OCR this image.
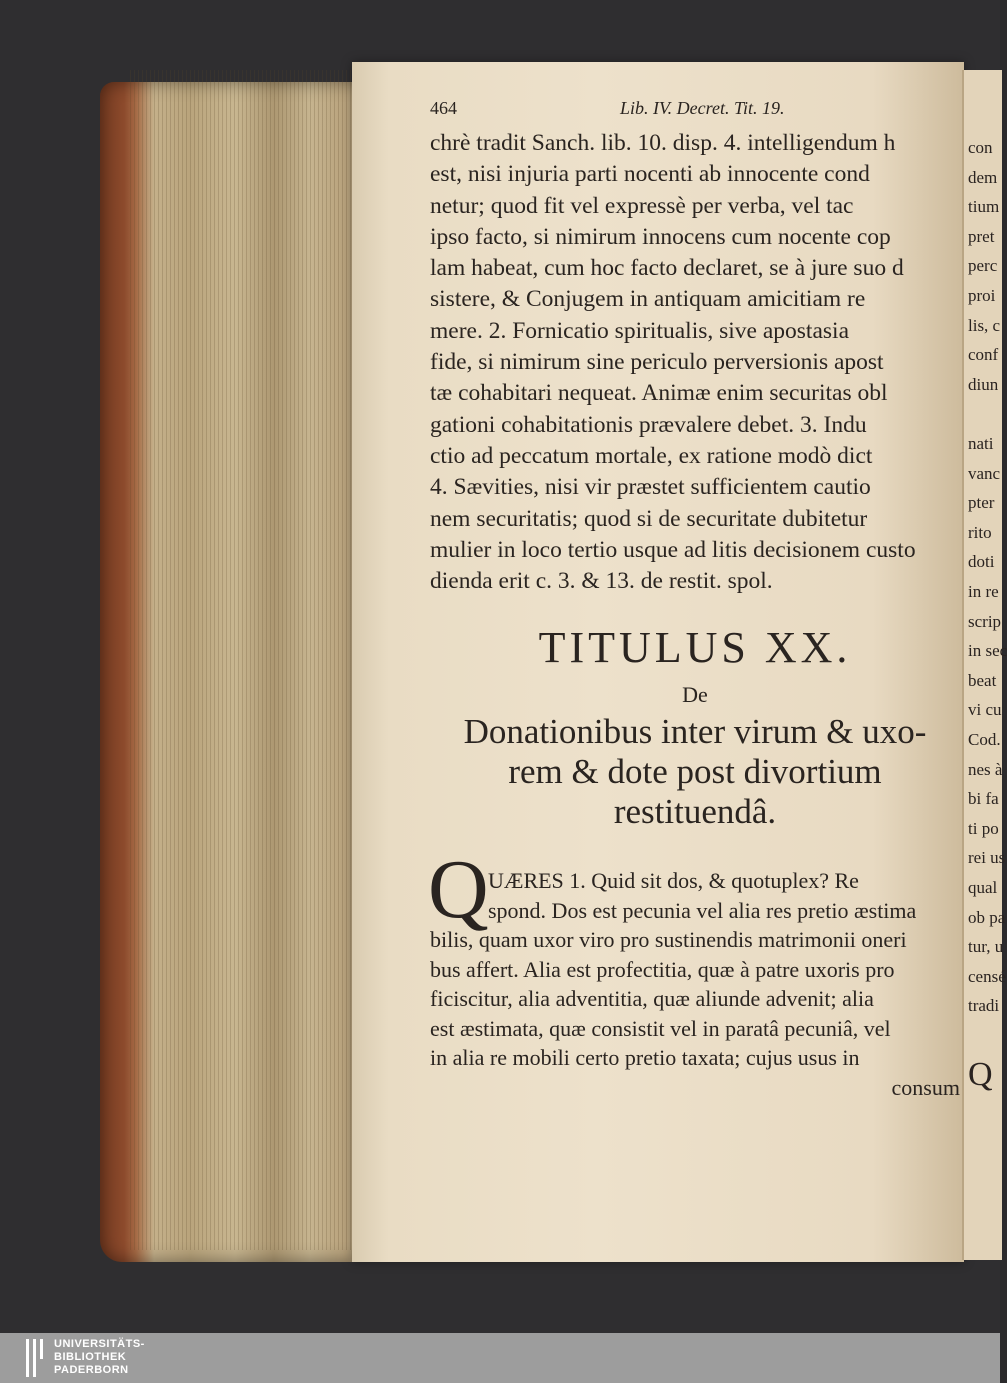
con
dem
tium
pret
perc
proi
lis, c
conf
diun
nati
vanc
pter
rito
doti
in re
scrip
in sec
beat
vi cu
Cod.
nes à
bi fa
ti po
rei us
qual
ob pa
tur, u
censé
tradi
Q
464	Lib. IV. Decret. Tit. 19.
chrè tradit Sanch. lib. 10. disp. 4. intelligendum h
est, nisi injuria parti nocenti ab innocente cond
netur; quod fit vel expressè per verba, vel tac
ipso facto, si nimirum innocens cum nocente cop
lam habeat, cum hoc facto declaret, se à jure suo d
sistere, & Conjugem in antiquam amicitiam re
mere. 2. Fornicatio spiritualis, sive apostasia
fide, si nimirum sine periculo perversionis apost
tæ cohabitari nequeat. Animæ enim securitas obl
gationi cohabitationis prævalere debet. 3. Indu
ctio ad peccatum mortale, ex ratione modò dict
4. Sævities, nisi vir præstet sufficientem cautio
nem securitatis; quod si de securitate dubitetur
mulier in loco tertio usque ad litis decisionem custo
dienda erit c. 3. & 13. de restit. spol.
TITULUS XX.
De
Donationibus inter virum & uxo-
rem & dote post divortium
restituendâ.
Q UÆRES 1. Quid sit dos, & quotuplex? Re
spond. Dos est pecunia vel alia res pretio æstima
bilis, quam uxor viro pro sustinendis matrimonii oneri
bus affert. Alia est profectitia, quæ à patre uxoris pro
ficiscitur, alia adventitia, quæ aliunde advenit; alia
est æstimata, quæ consistit vel in paratâ pecuniâ, vel
in alia re mobili certo pretio taxata; cujus usus in
consum
UNIVERSITÄTS-
BIBLIOTHEK
PADERBORN
